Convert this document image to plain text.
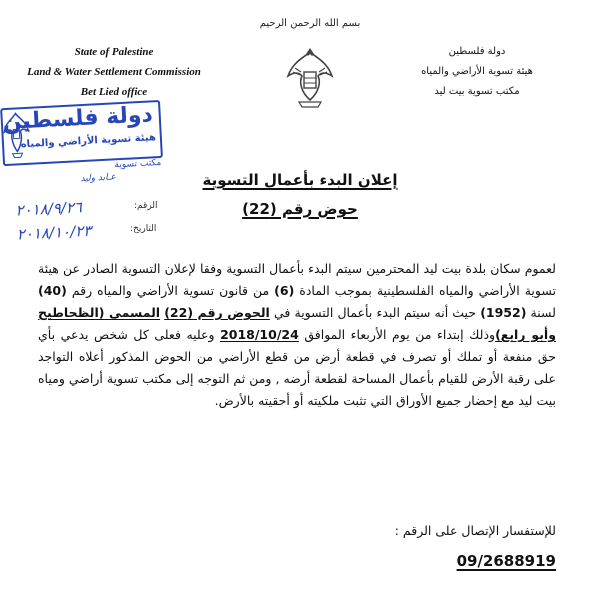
بسم الله الرحمن الرحيم
State of Palestine
Land & Water Settlement Commission
Bet Lied office
دولة فلسطين
هيئة تسوية الأراضي والمياه
مكتب تسوية بيت ليد
دولة فلسطين
هيئة تسوية الأراضي والمياه
مكتب تسوية
عـابد وليد
٢٠١٨/٩/٢٦
٢٠١٨/١٠/٢٣
الرقم:
التاريخ:
إعلان البدء بأعمال التسوية
حوض رقم (22)
لعموم سكان بلدة بيت ليد المحترمين سيتم البدء بأعمال التسوية وفقا لإعلان التسوية الصادر عن هيئة تسوية الأراضي والمياه الفلسطينية بموجب المادة (6) من قانون تسوية الأراضي والمياه رقم (40) لسنة (1952) حيث أنه سيتم البدء بأعمال التسوية في الحوض رقم (22) المسمى (الظحاطيح وأبو رابع)وذلك إبتداء من يوم الأربعاء الموافق 2018/10/24 وعليه فعلى كل شخص يدعي بأي حق منفعة أو تملك أو تصرف في قطعة أرض من قطع الأراضي من الحوض المذكور أعلاه التواجد على رقبة الأرض للقيام بأعمال المساحة لقطعة أرضه , ومن ثم التوجه إلى مكتب تسوية أراضي ومياه بيت ليد مع إحضار جميع الأوراق التي تثبت ملكيته أو أحقيته بالأرض.
للإستفسار الإتصال على الرقم :
09/2688919
